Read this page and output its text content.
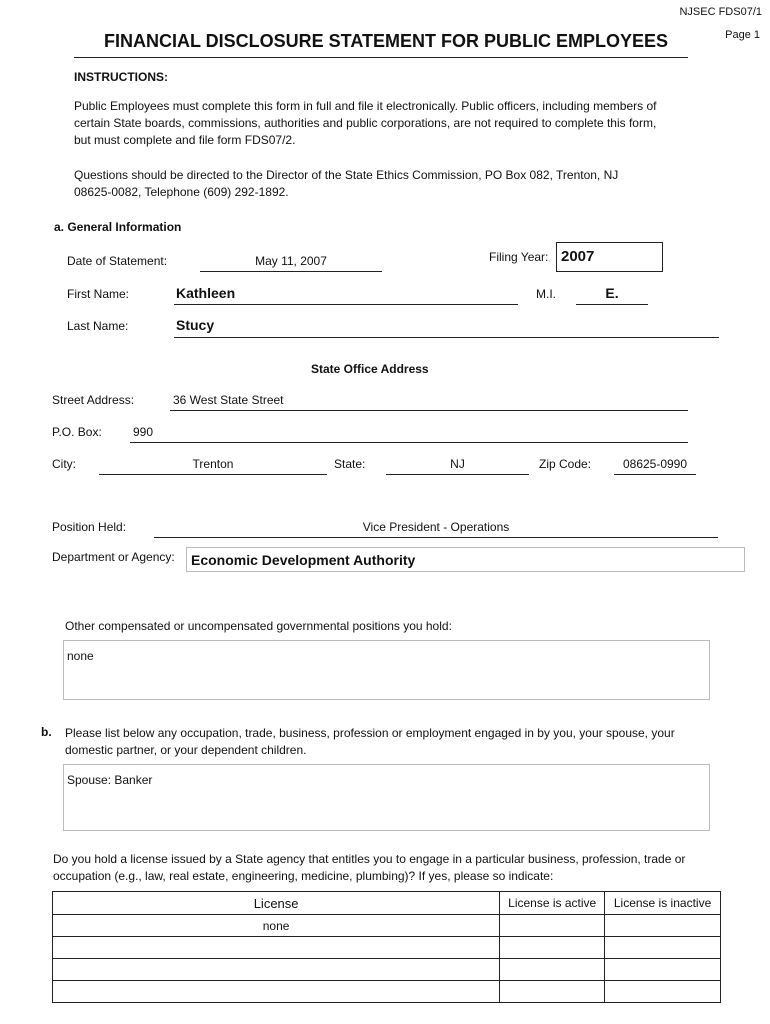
NJSEC FDS07/1
Page 1
FINANCIAL DISCLOSURE STATEMENT FOR PUBLIC EMPLOYEES
INSTRUCTIONS:
Public Employees must complete this form in full and file it electronically. Public officers, including members of
certain State boards, commissions, authorities and public corporations, are not required to complete this form,
but must complete and file form FDS07/2.
Questions should be directed to the Director of the State Ethics Commission, PO Box 082, Trenton, NJ
08625-0082, Telephone (609) 292-1892.
a. General Information
Date of Statement:	May 11, 2007	Filing Year: 2007
First Name:	Kathleen	M.I.	E.
Last Name:	Stucy
State Office Address
Street Address:	36 West State Street
P.O. Box:	990
City:	Trenton	State:	NJ	Zip Code:	08625-0990
Position Held:	Vice President - Operations
Department or Agency:	Economic Development Authority
Other compensated or uncompensated governmental positions you hold:
none
b. Please list below any occupation, trade, business, profession or employment engaged in by you, your spouse, your
domestic partner, or your dependent children.
Spouse: Banker
Do you hold a license issued by a State agency that entitles you to engage in a particular business, profession, trade or
occupation (e.g., law, real estate, engineering, medicine, plumbing)? If yes, please so indicate:
License	License is active	License is inactive
none		
